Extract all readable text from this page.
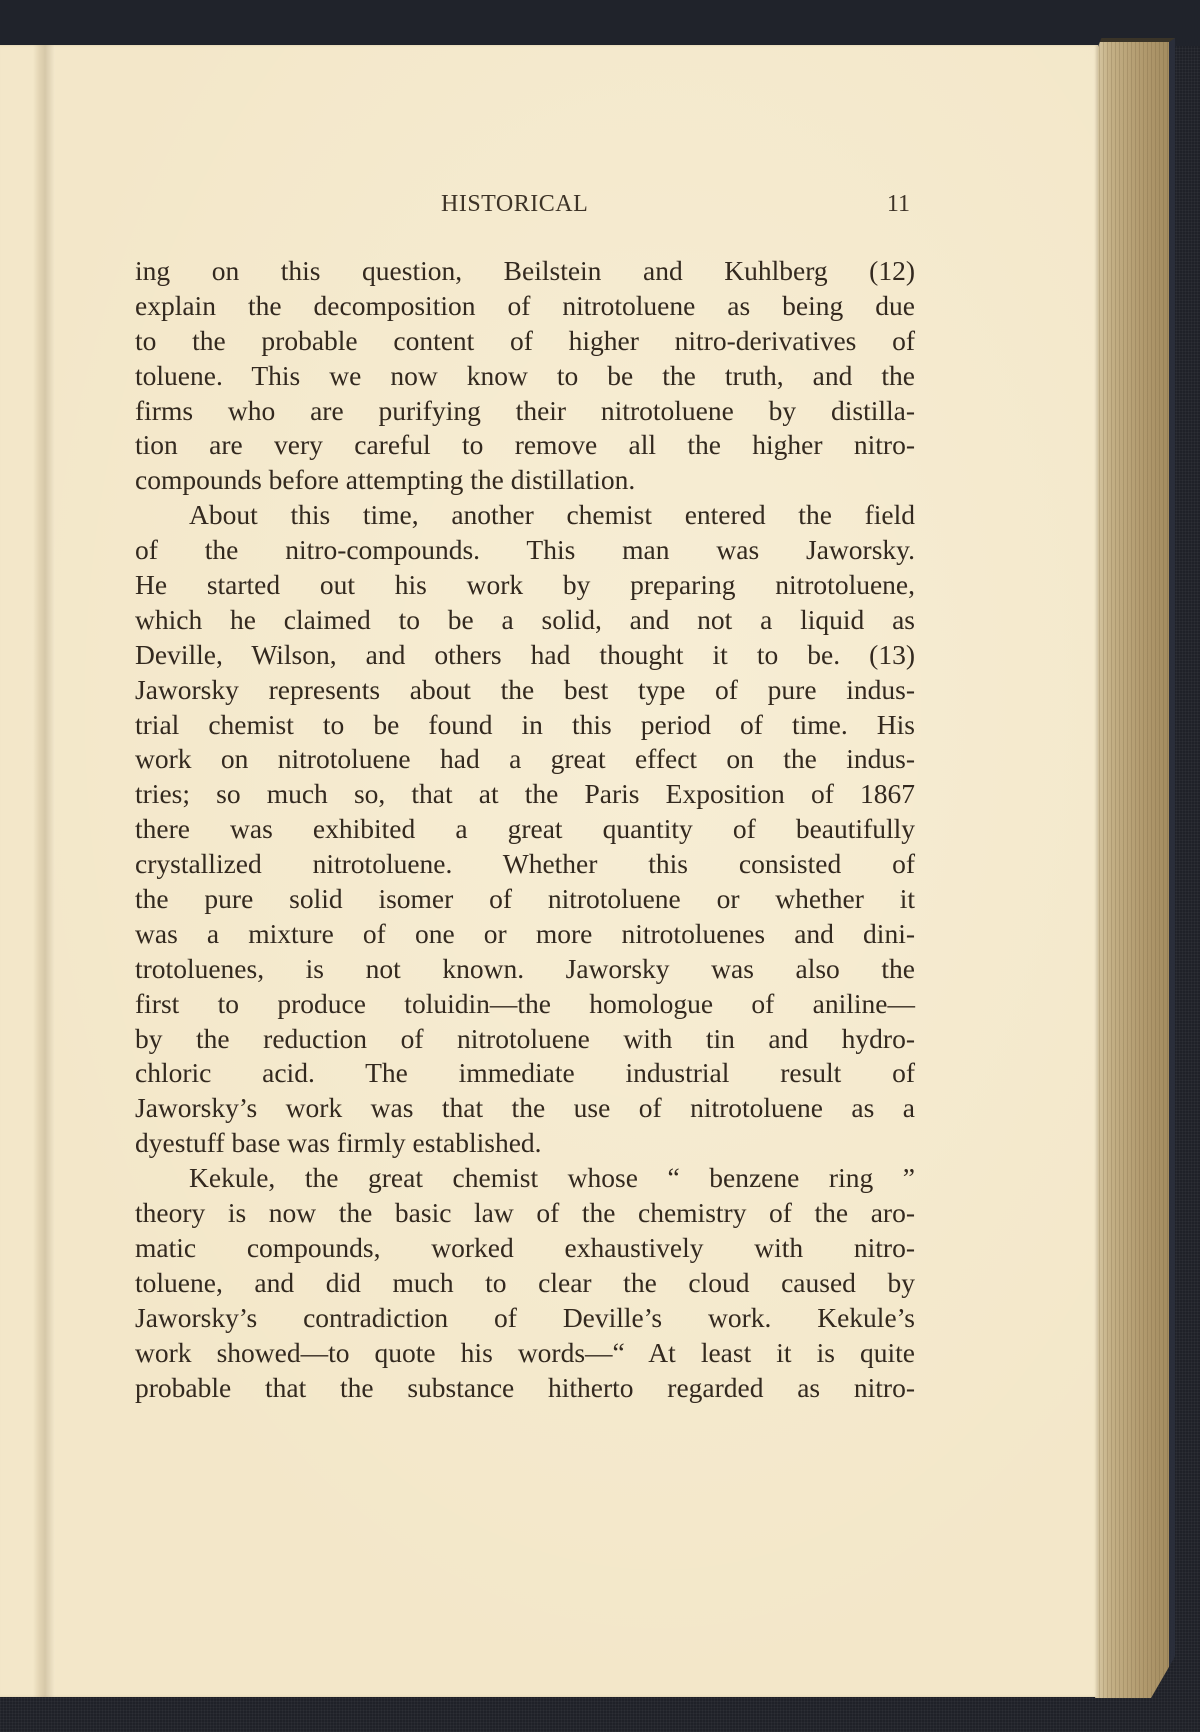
HISTORICAL	11
ing on this question, Beilstein and Kuhlberg (12)
explain the decomposition of nitrotoluene as being due
to the probable content of higher nitro-derivatives of
toluene. This we now know to be the truth, and the
firms who are purifying their nitrotoluene by distilla-
tion are very careful to remove all the higher nitro-
compounds before attempting the distillation.
About this time, another chemist entered the field
of the nitro-compounds. This man was Jaworsky.
He started out his work by preparing nitrotoluene,
which he claimed to be a solid, and not a liquid as
Deville, Wilson, and others had thought it to be. (13)
Jaworsky represents about the best type of pure indus-
trial chemist to be found in this period of time. His
work on nitrotoluene had a great effect on the indus-
tries; so much so, that at the Paris Exposition of 1867
there was exhibited a great quantity of beautifully
crystallized nitrotoluene. Whether this consisted of
the pure solid isomer of nitrotoluene or whether it
was a mixture of one or more nitrotoluenes and dini-
trotoluenes, is not known. Jaworsky was also the
first to produce toluidin—the homologue of aniline—
by the reduction of nitrotoluene with tin and hydro-
chloric acid. The immediate industrial result of
Jaworsky’s work was that the use of nitrotoluene as a
dyestuff base was firmly established.
Kekule, the great chemist whose “ benzene ring ”
theory is now the basic law of the chemistry of the aro-
matic compounds, worked exhaustively with nitro-
toluene, and did much to clear the cloud caused by
Jaworsky’s contradiction of Deville’s work. Kekule’s
work showed—to quote his words—“ At least it is quite
probable that the substance hitherto regarded as nitro-
